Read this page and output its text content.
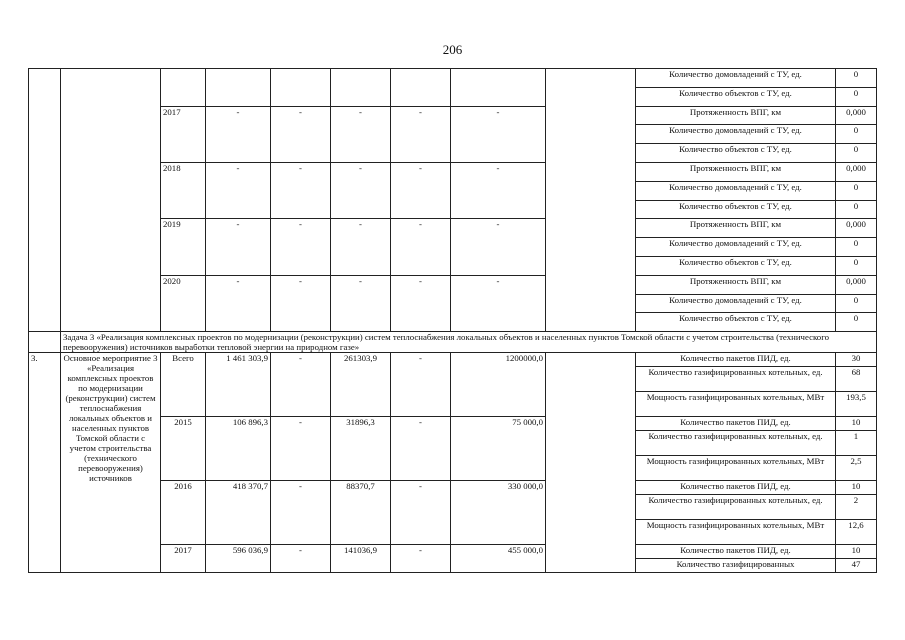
206
									Количество домовладений с ТУ, ед.	0
									Количество объектов с ТУ, ед.	0
		2017	-	-	-	-	-		Протяженность ВПГ, км	0,000
									Количество домовладений с ТУ, ед.	0
									Количество объектов с ТУ, ед.	0
		2018	-	-	-	-	-		Протяженность ВПГ, км	0,000
									Количество домовладений с ТУ, ед.	0
									Количество объектов с ТУ, ед.	0
		2019	-	-	-	-	-		Протяженность ВПГ, км	0,000
									Количество домовладений с ТУ, ед.	0
									Количество объектов с ТУ, ед.	0
		2020	-	-	-	-	-		Протяженность ВПГ, км	0,000
									Количество домовладений с ТУ, ед.	0
									Количество объектов с ТУ, ед.	0
	Задача 3 «Реализация комплексных проектов по модернизации (реконструкции) систем теплоснабжения локальных объектов и населенных пунктов Томской области с учетом строительства (технического перевооружения) источников выработки тепловой энергии на природном газе»									
3.	Основное мероприятие 3 «Реализация комплексных проектов по модернизации (реконструкции) систем теплоснабжения локальных объектов и населенных пунктов Томской области с учетом строительства (технического перевооружения) источников	Всего	1 461 303,9	-	261303,9	-	1200000,0		Количество пакетов ПИД, ед.	30
									Количество газифицированных котельных, ед.	68
									Мощность газифицированных котельных, МВт	193,5
		2015	106 896,3	-	31896,3	-	75 000,0		Количество пакетов ПИД, ед.	10
									Количество газифицированных котельных, ед.	1
									Мощность газифицированных котельных, МВт	2,5
		2016	418 370,7	-	88370,7	-	330 000,0		Количество пакетов ПИД, ед.	10
									Количество газифицированных котельных, ед.	2
									Мощность газифицированных котельных, МВт	12,6
		2017	596 036,9	-	141036,9	-	455 000,0		Количество пакетов ПИД, ед.	10
									Количество газифицированных	47
